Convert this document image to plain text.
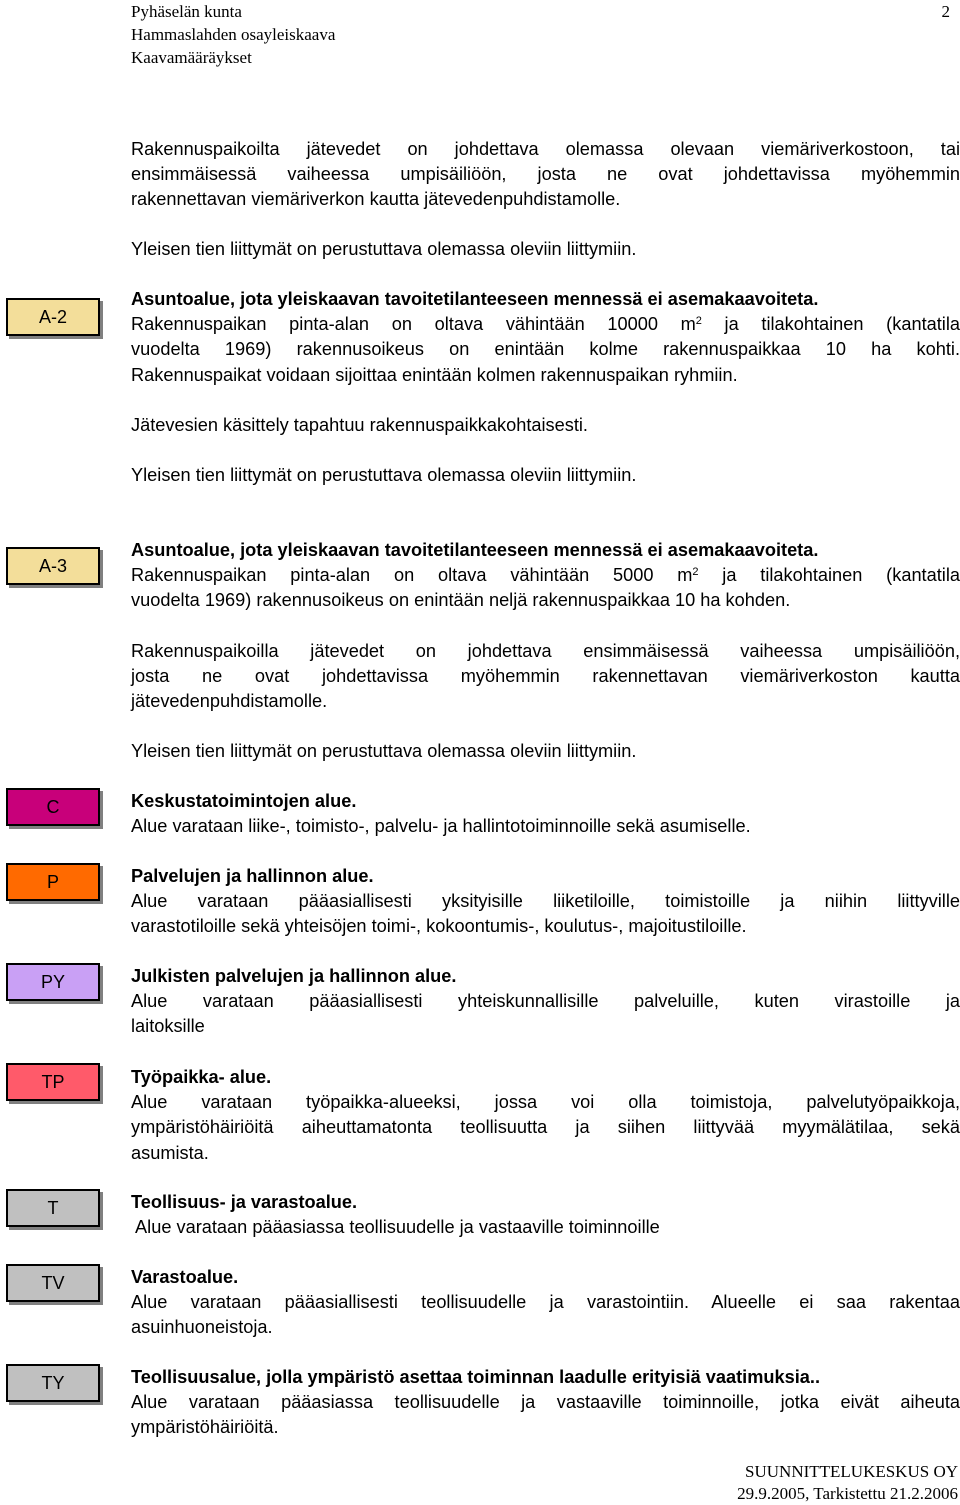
Pyhäselän kunta
Hammaslahden osayleiskaava
Kaavamääräykset
2
Rakennuspaikoilta jätevedet on johdettava olemassa olevaan viemäriverkostoon, tai
ensimmäisessä vaiheessa umpisäiliöön, josta ne ovat johdettavissa myöhemmin
rakennettavan viemäriverkon kautta jätevedenpuhdistamolle.
Yleisen tien liittymät on perustuttava olemassa oleviin liittymiin.
A-2
Asuntoalue, jota yleiskaavan tavoitetilanteeseen mennessä ei asemakaavoiteta.
Rakennuspaikan pinta-alan on oltava vähintään 10000 $m^2$ ja tilakohtainen (kantatila
vuodelta 1969) rakennusoikeus on enintään kolme rakennuspaikkaa 10 ha kohti.
Rakennuspaikat voidaan sijoittaa enintään kolmen rakennuspaikan ryhmiin.
Jätevesien käsittely tapahtuu rakennuspaikkakohtaisesti.
Yleisen tien liittymät on perustuttava olemassa oleviin liittymiin.
A-3
Asuntoalue, jota yleiskaavan tavoitetilanteeseen mennessä ei asemakaavoiteta.
Rakennuspaikan pinta-alan on oltava vähintään 5000 $m^2$ ja tilakohtainen (kantatila
vuodelta 1969) rakennusoikeus on enintään neljä rakennuspaikkaa 10 ha kohden.
Rakennuspaikoilla jätevedet on johdettava ensimmäisessä vaiheessa umpisäiliöön,
josta ne ovat johdettavissa myöhemmin rakennettavan viemäriverkoston kautta
jätevedenpuhdistamolle.
Yleisen tien liittymät on perustuttava olemassa oleviin liittymiin.
C	Keskustatoimintojen alue.
Alue varataan liike-, toimisto-, palvelu- ja hallintotoiminnoille sekä asumiselle.
P	Palvelujen ja hallinnon alue.
Alue varataan pääasiallisesti yksityisille liiketiloille, toimistoille ja niihin liittyville
varastotiloille sekä yhteisöjen toimi-, kokoontumis-, koulutus-, majoitustiloille.
PY	Julkisten palvelujen ja hallinnon alue.
Alue varataan pääasiallisesti yhteiskunnallisille palveluille, kuten virastoille ja
laitoksille
TP	Työpaikka- alue.
Alue varataan työpaikka-alueeksi, jossa voi olla toimistoja, palvelutyöpaikkoja,
ympäristöhäiriöitä aiheuttamatonta teollisuutta ja siihen liittyvää myymälätilaa, sekä
asumista.
T	Teollisuus- ja varastoalue.
Alue varataan pääasiassa teollisuudelle ja vastaaville toiminnoille
TV	Varastoalue.
Alue varataan pääasiallisesti teollisuudelle ja varastointiin. Alueelle ei saa rakentaa
asuinhuoneistoja.
TY	Teollisuusalue, jolla ympäristö asettaa toiminnan laadulle erityisiä vaatimuksia..
Alue varataan pääasiassa teollisuudelle ja vastaaville toiminnoille, jotka eivät aiheuta
ympäristöhäiriöitä.
SUUNNITTELUKESKUS OY
29.9.2005, Tarkistettu 21.2.2006
